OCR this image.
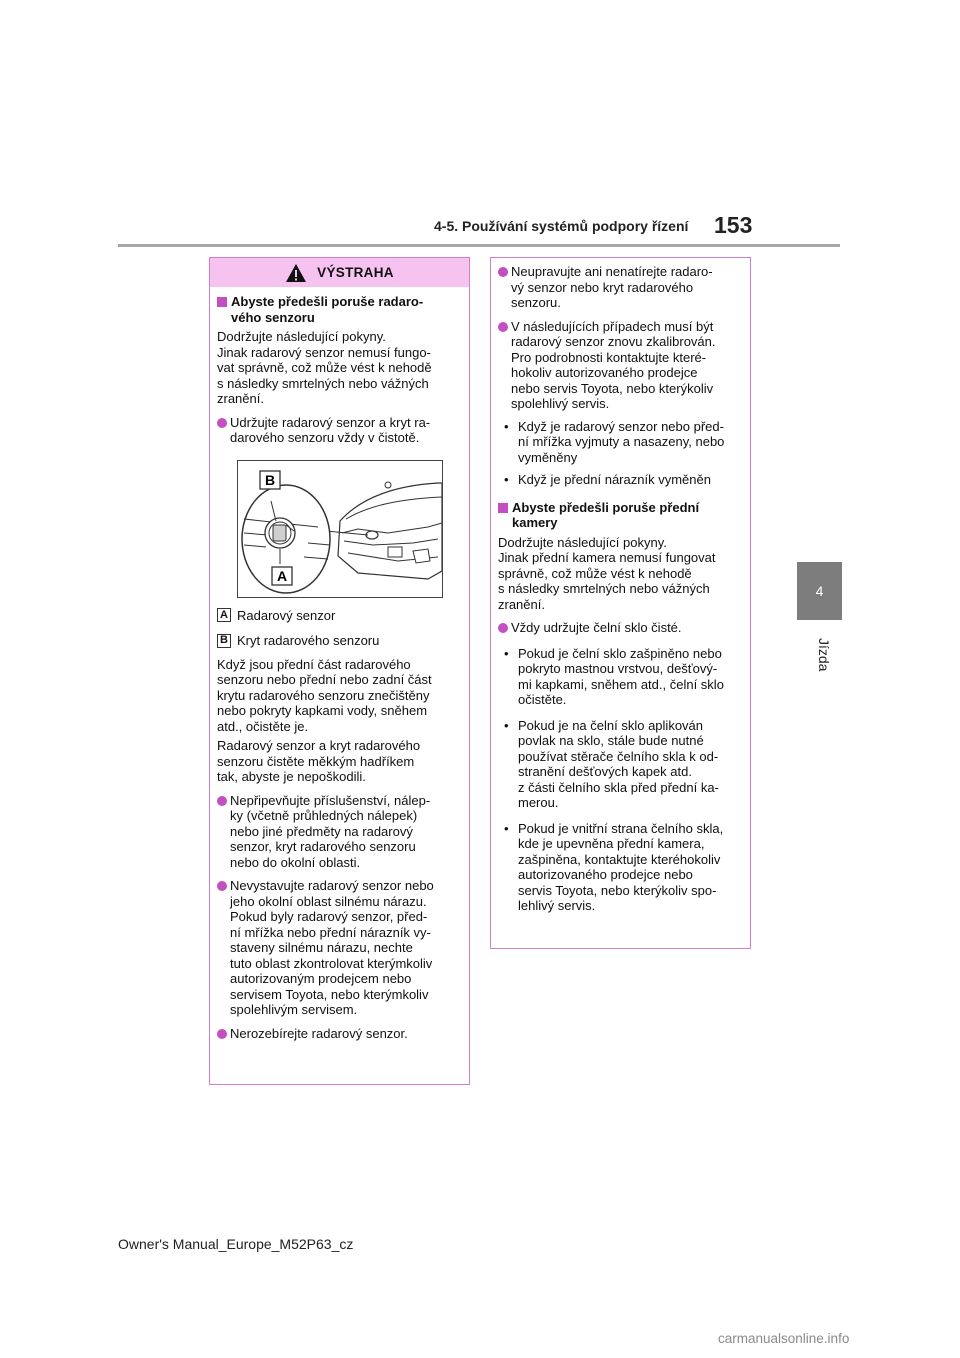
4-5. Používání systémů podpory řízení 153
4
Jízda
VÝSTRAHA
Abyste předešli poruše radaro-
vého senzoru

Dodržujte následující pokyny.
Jinak radarový senzor nemusí fungo-
vat správně, což může vést k nehodě
s následky smrtelných nebo vážných
zranění.

Udržujte radarový senzor a kryt ra-
darového senzoru vždy v čistotě.
B
A
A Radarový senzor
B Kryt radarového senzoru

Když jsou přední část radarového
senzoru nebo přední nebo zadní část
krytu radarového senzoru znečištěny
nebo pokryty kapkami vody, sněhem
atd., očistěte je.

Radarový senzor a kryt radarového
senzoru čistěte měkkým hadříkem
tak, abyste je nepoškodili.

Nepřipevňujte příslušenství, nálep-
ky (včetně průhledných nálepek)
nebo jiné předměty na radarový
senzor, kryt radarového senzoru
nebo do okolní oblasti.
Nevystavujte radarový senzor nebo
jeho okolní oblast silnému nárazu.
Pokud byly radarový senzor, před-
ní mřížka nebo přední nárazník vy-
staveny silnému nárazu, nechte
tuto oblast zkontrolovat kterýmkoliv
autorizovaným prodejcem nebo
servisem Toyota, nebo kterýmkoliv
spolehlivým servisem.
Nerozebírejte radarový senzor.
Neupravujte ani nenatírejte radaro-
vý senzor nebo kryt radarového
senzoru.
V následujících případech musí být
radarový senzor znovu zkalibrován.
Pro podrobnosti kontaktujte které-
hokoliv autorizovaného prodejce
nebo servis Toyota, nebo kterýkoliv
spolehlivý servis.
• Když je radarový senzor nebo před-
ní mřížka vyjmuty a nasazeny, nebo
vyměněny
• Když je přední nárazník vyměněn
Abyste předešli poruše přední
kamery

Dodržujte následující pokyny.
Jinak přední kamera nemusí fungovat
správně, což může vést k nehodě
s následky smrtelných nebo vážných
zranění.

Vždy udržujte čelní sklo čisté.
• Pokud je čelní sklo zašpiněno nebo
pokryto mastnou vrstvou, dešťový-
mi kapkami, sněhem atd., čelní sklo
očistěte.
• Pokud je na čelní sklo aplikován
povlak na sklo, stále bude nutné
používat stěrače čelního skla k od-
stranění dešťových kapek atd.
z části čelního skla před přední ka-
merou.
• Pokud je vnitřní strana čelního skla,
kde je upevněna přední kamera,
zašpiněna, kontaktujte kteréhokoliv
autorizovaného prodejce nebo
servis Toyota, nebo kterýkoliv spo-
lehlivý servis.
Owner's Manual_Europe_M52P63_cz
carmanualsonline.info
